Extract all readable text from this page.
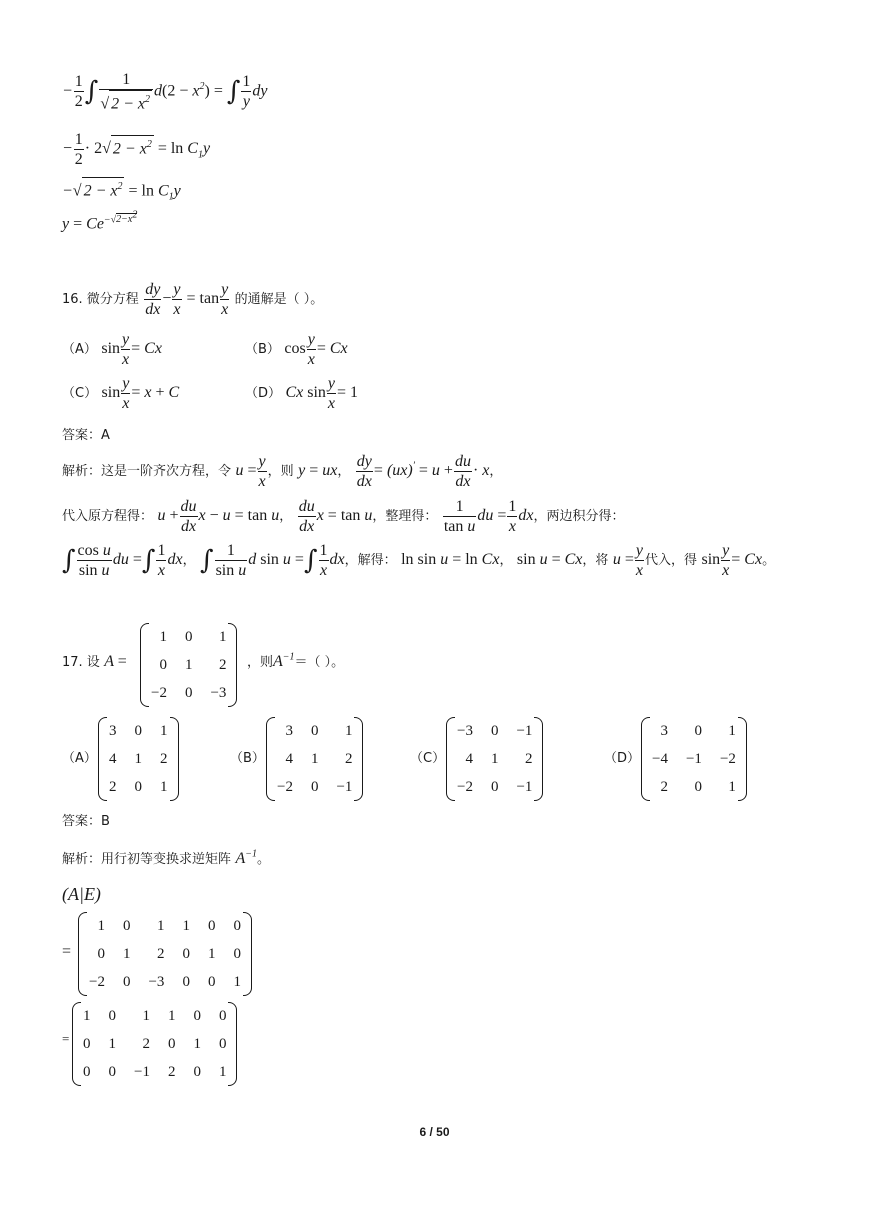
− $\frac{1}{2}$ ∫ $\frac{1}{√ 2 - x^2} d(2 - x^2)$ = ∫ $\frac{1}{y}$ dy
− $\frac{1}{2} \cdot 2√$ $2 - x^2 = \ln C_1y$
−√ $2 - x^2 = \ln C_1y$
$y = Ce^{-√2-x^2}$
16. 微分方程 $\frac{dy}{dx} - \frac{y}{x} = \tan \frac{y}{x}$ 的通解是（ ）。
（A） $\sin \frac{y}{x} = Cx$	（B） $\cos \frac{y}{x} = Cx$
（C） $\sin \frac{y}{x} = x + C$	（D） Cx $\sin \frac{y}{x} = 1$
答案：A
解析：这是一阶齐次方程，令 $u = \frac{y}{x}$ ，则 y = ux， $\frac{dy}{dx} = (ux)' = u + \frac{du}{dx} \cdot x$，
代入原方程得： $u + \frac{du}{dx}$ x − u = tan u， $\frac{du}{dx}$ x = tan u，整理得： $\frac{1}{\text{tan u}}$ du = $\frac{1}{x}$ dx，两边积分得：
∫ $\frac{\text{cos u}}{\text{sin u}}$ du =∫ $\frac{1}{x}$ dx， ∫ $\frac{1}{\text{sin u}}$ d sin u =∫ $\frac{1}{x}$ dx，解得： ln sin u = ln Cx， sin u = Cx，将 $u = \frac{y}{x}$ 代入，得 $\sin \frac{y}{x} = Cx$。
17. 设 A =
1	0	1
0	1	2
−2	0	−3
，则$A^{-1}=$（ ）。
（A）
3	0	1
4	1	2
2	0	1
（B）
3	0	1
4	1	2
−2	0	−1
（C）
−3	0	−1
4	1	2
−2	0	−1
（D）
3	0	1
−4	−1	−2
2	0	1
答案：B
解析：用行初等变换求逆矩阵 $A^{-1}$。
(A|E)
=
1	0	1	1	0	0
0	1	2	0	1	0
−2	0	−3	0	0	1
=
1	0	1	1	0	0
0	1	2	0	1	0
0	0	−1	2	0	1
6 / 50
